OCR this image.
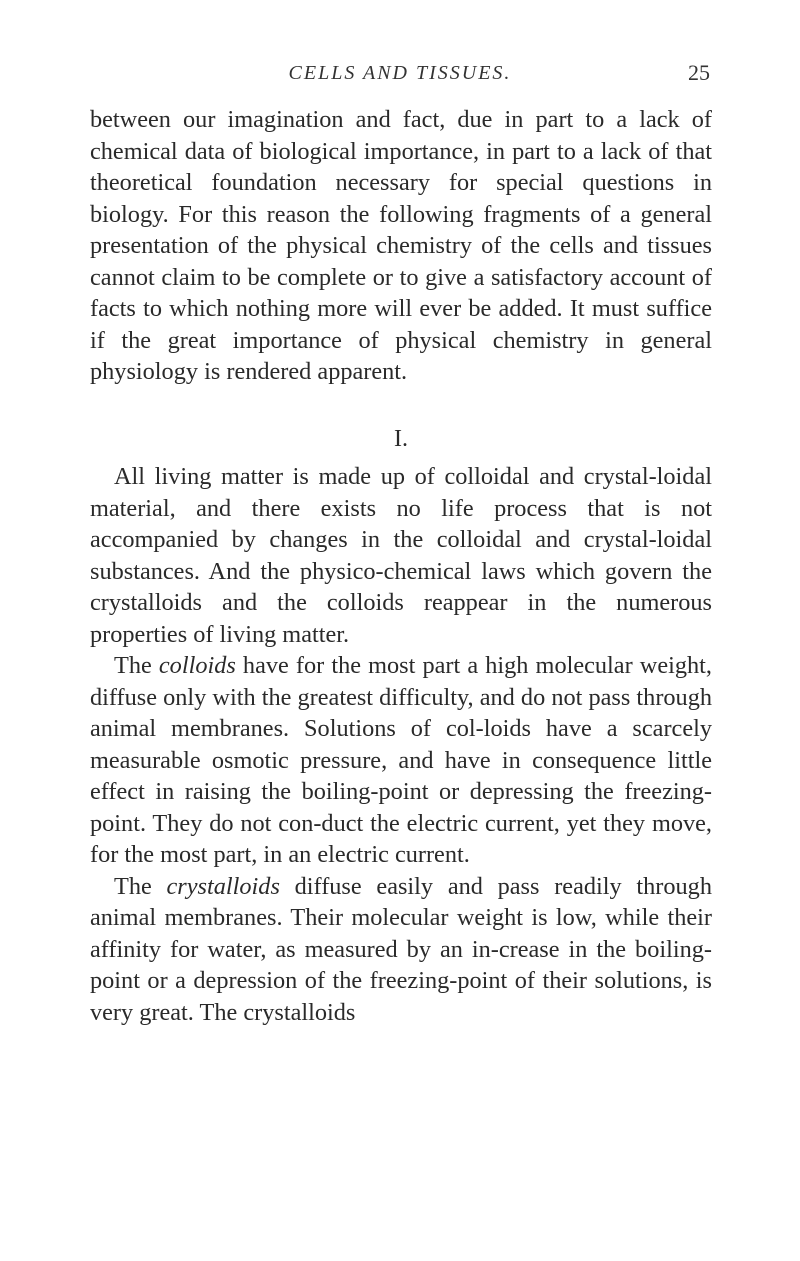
CELLS AND TISSUES.	25

between our imagination and fact, due in part to a lack of chemical data of biological importance, in part to a lack of that theoretical foundation necessary for special questions in biology. For this reason the following fragments of a general presentation of the physical chemistry of the cells and tissues cannot claim to be complete or to give a satisfactory account of facts to which nothing more will ever be added. It must suffice if the great importance of physical chemistry in general physiology is rendered apparent.

I.

All living matter is made up of colloidal and crystal-loidal material, and there exists no life process that is not accompanied by changes in the colloidal and crystal-loidal substances. And the physico-chemical laws which govern the crystalloids and the colloids reappear in the numerous properties of living matter.

The colloids have for the most part a high molecular weight, diffuse only with the greatest difficulty, and do not pass through animal membranes. Solutions of col-loids have a scarcely measurable osmotic pressure, and have in consequence little effect in raising the boiling-point or depressing the freezing-point. They do not con-duct the electric current, yet they move, for the most part, in an electric current.

The crystalloids diffuse easily and pass readily through animal membranes. Their molecular weight is low, while their affinity for water, as measured by an in-crease in the boiling-point or a depression of the freezing-point of their solutions, is very great. The crystalloids
